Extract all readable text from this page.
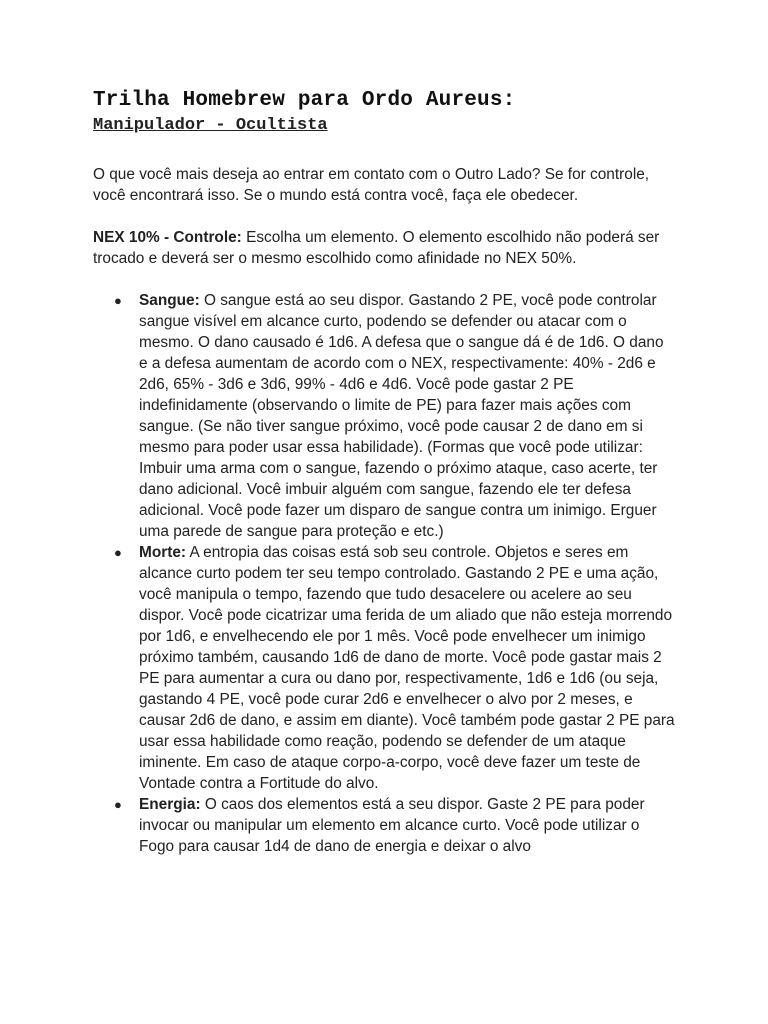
Trilha Homebrew para Ordo Aureus:
Manipulador - Ocultista

O que você mais deseja ao entrar em contato com o Outro Lado? Se for controle, você encontrará isso. Se o mundo está contra você, faça ele obedecer.

NEX 10% - Controle: Escolha um elemento. O elemento escolhido não poderá ser trocado e deverá ser o mesmo escolhido como afinidade no NEX 50%.

● Sangue: O sangue está ao seu dispor. Gastando 2 PE, você pode controlar sangue visível em alcance curto, podendo se defender ou atacar com o mesmo. O dano causado é 1d6. A defesa que o sangue dá é de 1d6. O dano e a defesa aumentam de acordo com o NEX, respectivamente: 40% - 2d6 e 2d6, 65% - 3d6 e 3d6, 99% - 4d6 e 4d6. Você pode gastar 2 PE indefinidamente (observando o limite de PE) para fazer mais ações com sangue. (Se não tiver sangue próximo, você pode causar 2 de dano em si mesmo para poder usar essa habilidade). (Formas que você pode utilizar: Imbuir uma arma com o sangue, fazendo o próximo ataque, caso acerte, ter dano adicional. Você imbuir alguém com sangue, fazendo ele ter defesa adicional. Você pode fazer um disparo de sangue contra um inimigo. Erguer uma parede de sangue para proteção e etc.)
● Morte: A entropia das coisas está sob seu controle. Objetos e seres em alcance curto podem ter seu tempo controlado. Gastando 2 PE e uma ação, você manipula o tempo, fazendo que tudo desacelere ou acelere ao seu dispor. Você pode cicatrizar uma ferida de um aliado que não esteja morrendo por 1d6, e envelhecendo ele por 1 mês. Você pode envelhecer um inimigo próximo também, causando 1d6 de dano de morte. Você pode gastar mais 2 PE para aumentar a cura ou dano por, respectivamente, 1d6 e 1d6 (ou seja, gastando 4 PE, você pode curar 2d6 e envelhecer o alvo por 2 meses, e causar 2d6 de dano, e assim em diante). Você também pode gastar 2 PE para usar essa habilidade como reação, podendo se defender de um ataque iminente. Em caso de ataque corpo-a-corpo, você deve fazer um teste de Vontade contra a Fortitude do alvo.
● Energia: O caos dos elementos está a seu dispor. Gaste 2 PE para poder invocar ou manipular um elemento em alcance curto. Você pode utilizar o Fogo para causar 1d4 de dano de energia e deixar o alvo
